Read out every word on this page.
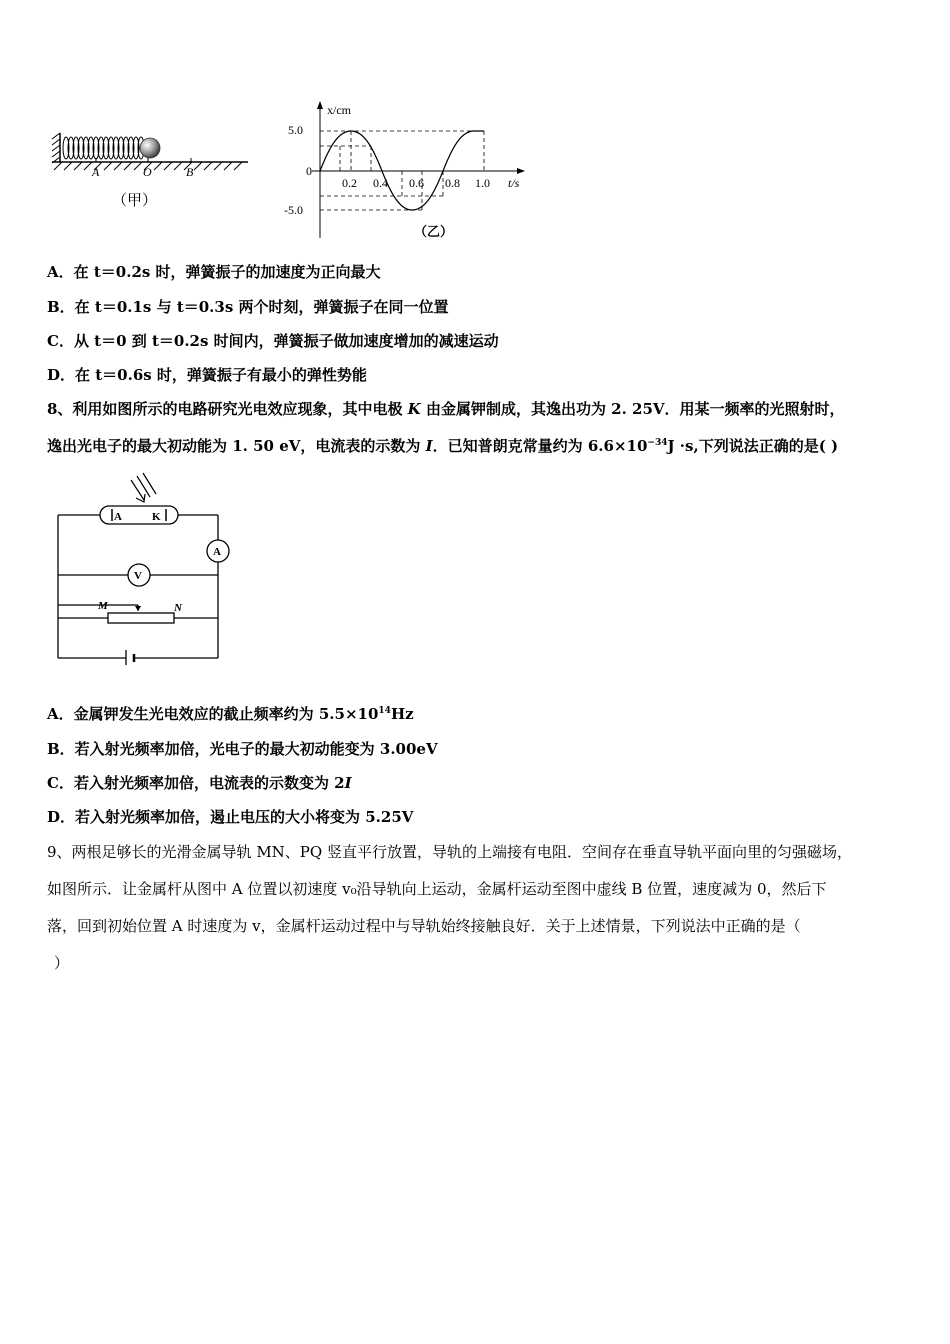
A	O	B
（甲）
x/cm
t/s
5.0
-5.0
0
0.2 0.4 0.6 0.8 1.0
（乙）
A．在 t＝0.2s 时，弹簧振子的加速度为正向最大
B．在 t＝0.1s 与 t＝0.3s 两个时刻，弹簧振子在同一位置
C．从 t＝0 到 t＝0.2s 时间内，弹簧振子做加速度增加的减速运动
D．在 t＝0.6s 时，弹簧振子有最小的弹性势能
8、利用如图所示的电路研究光电效应现象，其中电极 K 由金属钾制成，其逸出功为 2. 25V．用某一频率的光照射时，
逸出光电子的最大初动能为 1. 50 eV，电流表的示数为 I．已知普朗克常量约为 $6.6\times 10^{-34}J \cdot s$,下列说法正确的是( )
A	K
A
V
M	N
A．金属钾发生光电效应的截止频率约为 $5.5\times 10^{14}Hz$
B．若入射光频率加倍，光电子的最大初动能变为 3.00eV
C．若入射光频率加倍，电流表的示数变为 2I
D．若入射光频率加倍，遏止电压的大小将变为 5.25V
9、两根足够长的光滑金属导轨 MN、PQ 竖直平行放置，导轨的上端接有电阻．空间存在垂直导轨平面向里的匀强磁场，
如图所示．让金属杆从图中 A 位置以初速度 v₀沿导轨向上运动，金属杆运动至图中虚线 B 位置，速度减为 0，然后下
落，回到初始位置 A 时速度为 v，金属杆运动过程中与导轨始终接触良好．关于上述情景，下列说法中正确的是（
）
